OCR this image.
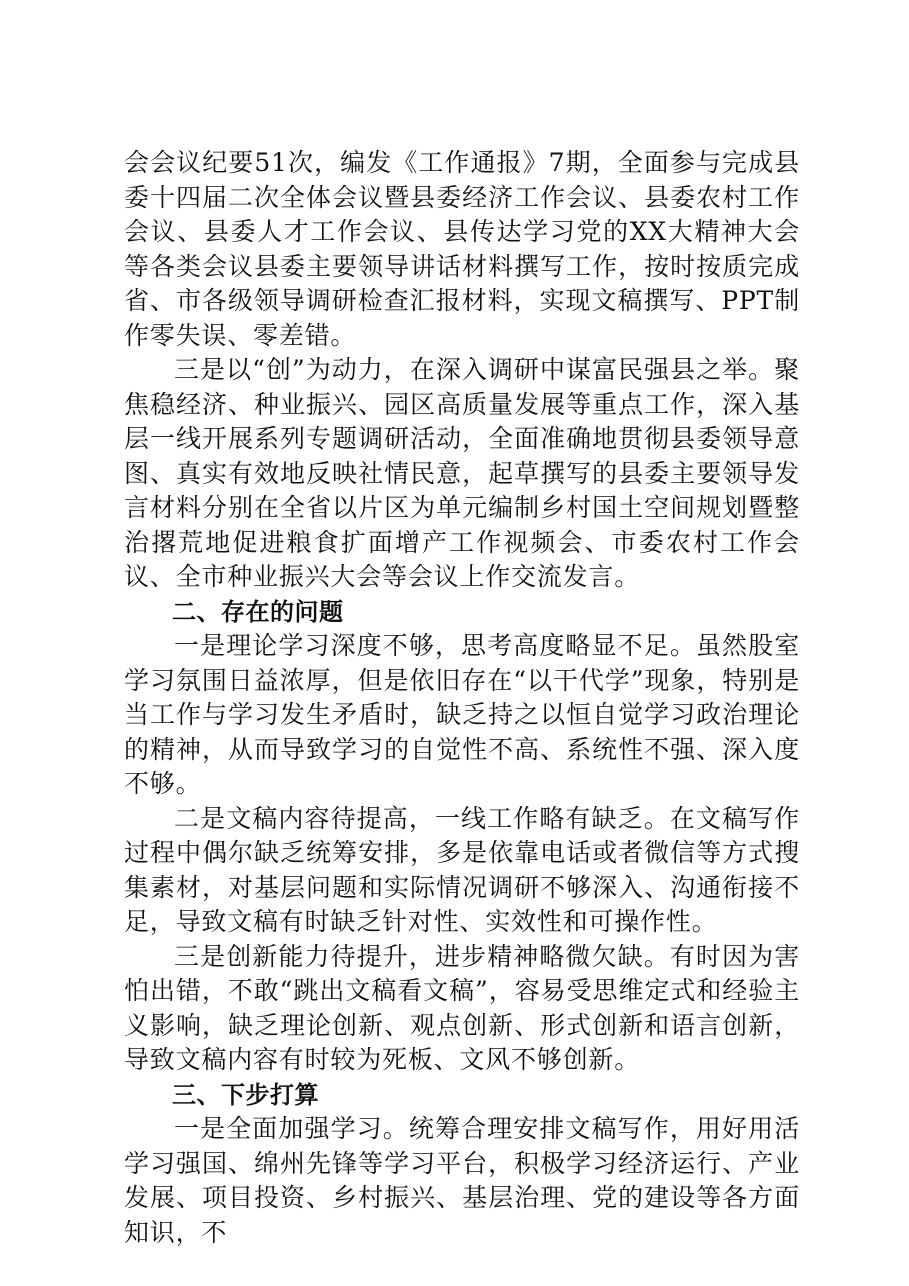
会会议纪要51次，编发《工作通报》7期，全面参与完成县委十四届二次全体会议暨县委经济工作会议、县委农村工作会议、县委人才工作会议、县传达学习党的XX大精神大会等各类会议县委主要领导讲话材料撰写工作，按时按质完成省、市各级领导调研检查汇报材料，实现文稿撰写、PPT制作零失误、零差错。

三是以“创”为动力，在深入调研中谋富民强县之举。聚焦稳经济、种业振兴、园区高质量发展等重点工作，深入基层一线开展系列专题调研活动，全面准确地贯彻县委领导意图、真实有效地反映社情民意，起草撰写的县委主要领导发言材料分别在全省以片区为单元编制乡村国土空间规划暨整治撂荒地促进粮食扩面增产工作视频会、市委农村工作会议、全市种业振兴大会等会议上作交流发言。

二、存在的问题

一是理论学习深度不够，思考高度略显不足。虽然股室学习氛围日益浓厚，但是依旧存在“以干代学”现象，特别是当工作与学习发生矛盾时，缺乏持之以恒自觉学习政治理论的精神，从而导致学习的自觉性不高、系统性不强、深入度不够。

二是文稿内容待提高，一线工作略有缺乏。在文稿写作过程中偶尔缺乏统筹安排，多是依靠电话或者微信等方式搜集素材，对基层问题和实际情况调研不够深入、沟通衔接不足，导致文稿有时缺乏针对性、实效性和可操作性。

三是创新能力待提升，进步精神略微欠缺。有时因为害怕出错，不敢“跳出文稿看文稿”，容易受思维定式和经验主义影响，缺乏理论创新、观点创新、形式创新和语言创新，导致文稿内容有时较为死板、文风不够创新。

三、下步打算

一是全面加强学习。统筹合理安排文稿写作，用好用活学习强国、绵州先锋等学习平台，积极学习经济运行、产业发展、项目投资、乡村振兴、基层治理、党的建设等各方面知识，不
